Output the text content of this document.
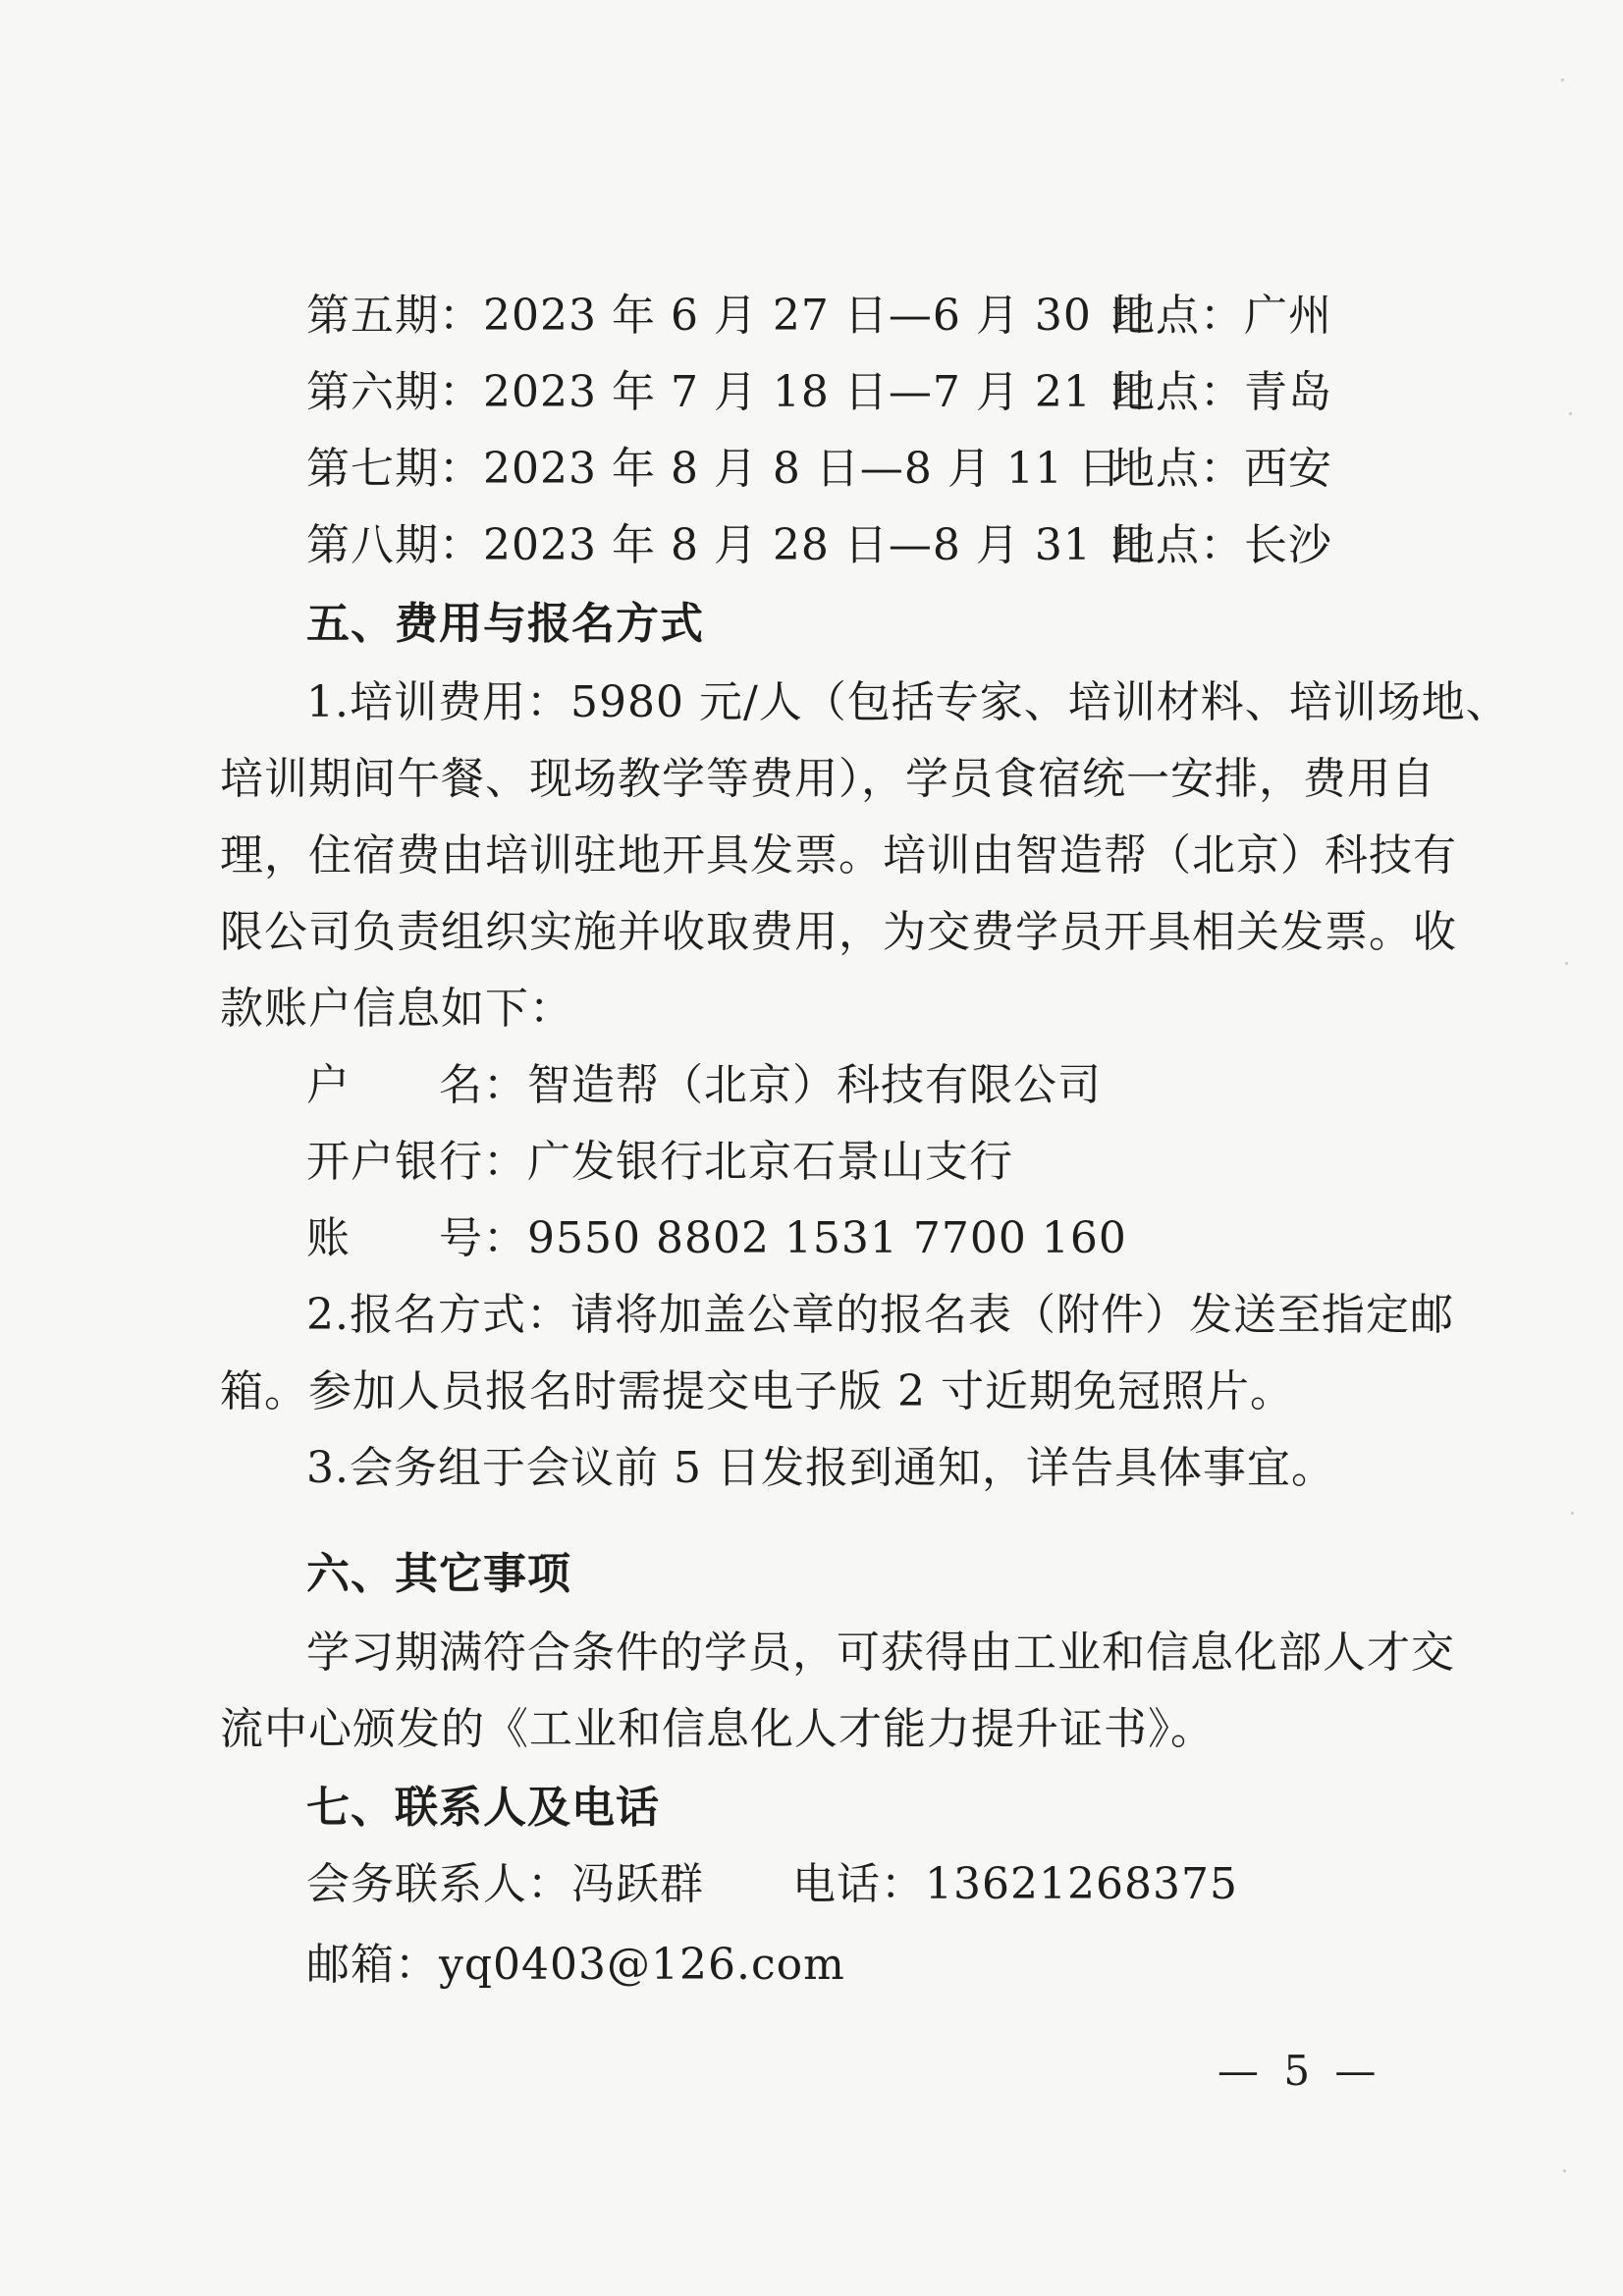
第五期：2023 年 6 月 27 日—6 月 30 日
地点：广州
第六期：2023 年 7 月 18 日—7 月 21 日
地点：青岛
第七期：2023 年 8 月 8 日—8 月 11 日
地点：西安
第八期：2023 年 8 月 28 日—8 月 31 日
地点：长沙
五、费用与报名方式
1.培训费用：5980 元/人（包括专家、培训材料、培训场地、
培训期间午餐、现场教学等费用），学员食宿统一安排，费用自
理，住宿费由培训驻地开具发票。培训由智造帮（北京）科技有
限公司负责组织实施并收取费用，为交费学员开具相关发票。收
款账户信息如下：
户　　名：智造帮（北京）科技有限公司
开户银行：广发银行北京石景山支行
账　　号：9550 8802 1531 7700 160
2.报名方式：请将加盖公章的报名表（附件）发送至指定邮
箱。参加人员报名时需提交电子版 2 寸近期免冠照片。
3.会务组于会议前 5 日发报到通知，详告具体事宜。
六、其它事项
学习期满符合条件的学员，可获得由工业和信息化部人才交
流中心颁发的《工业和信息化人才能力提升证书》。
七、联系人及电话
会务联系人：冯跃群　　电话：13621268375
邮箱：yq0403@126.com
— 5 —
